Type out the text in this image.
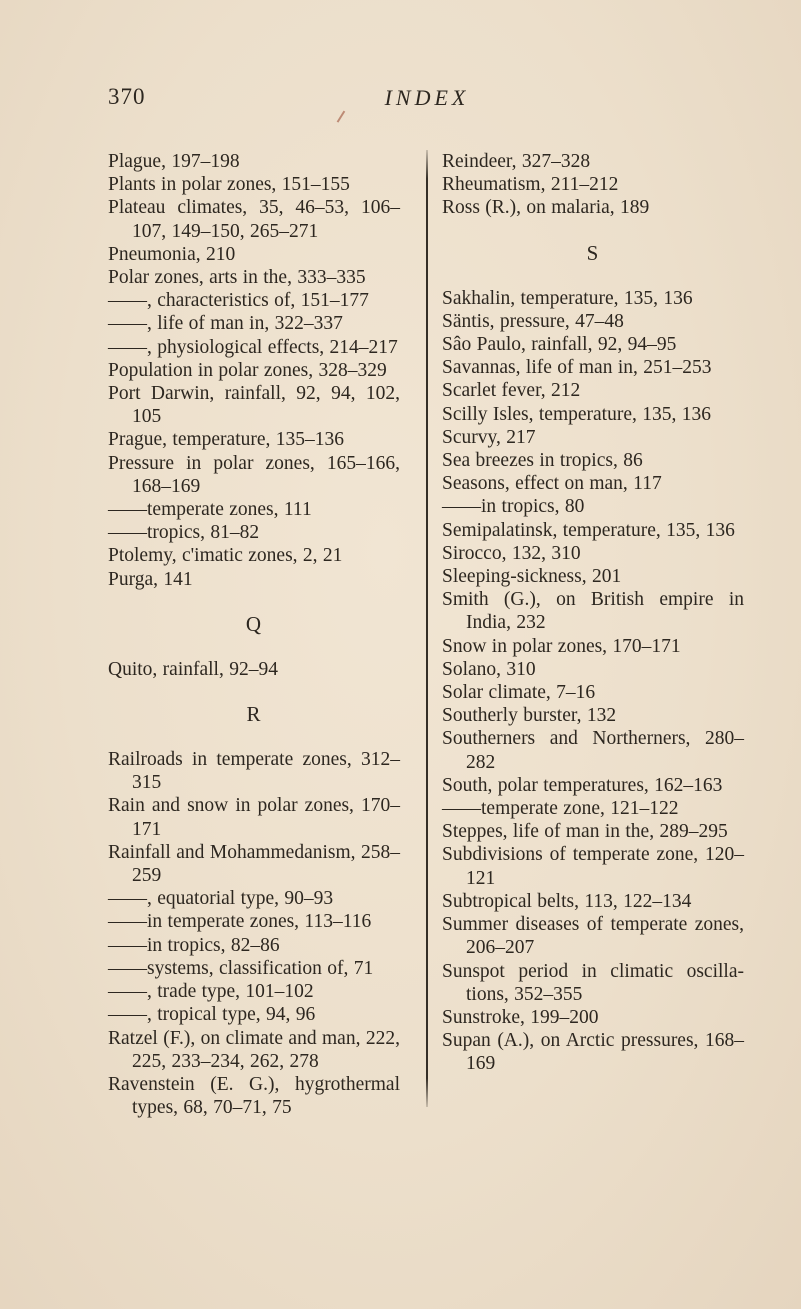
370	INDEX

Plague, 197–198

Plants in polar zones, 151–155

Plateau climates, 35, 46–53, 106–107, 149–150, 265–271

Pneumonia, 210

Polar zones, arts in the, 333–335

——, characteristics of, 151–177

——, life of man in, 322–337

——, physiological effects, 214–217

Population in polar zones, 328–329

Port Darwin, rainfall, 92, 94, 102, 105

Prague, temperature, 135–136

Pressure in polar zones, 165–166, 168–169

——temperate zones, 111

——tropics, 81–82

Ptolemy, c'imatic zones, 2, 21

Purga, 141

Q

Quito, rainfall, 92–94

R

Railroads in temperate zones, 312–315

Rain and snow in polar zones, 170–171

Rainfall and Mohammedanism, 258–259

——, equatorial type, 90–93

——in temperate zones, 113–116

——in tropics, 82–86

——systems, classification of, 71

——, trade type, 101–102

——, tropical type, 94, 96

Ratzel (F.), on climate and man, 222, 225, 233–234, 262, 278

Ravenstein (E. G.), hygrothermal types, 68, 70–71, 75

Reindeer, 327–328

Rheumatism, 211–212

Ross (R.), on malaria, 189

S

Sakhalin, temperature, 135, 136

Säntis, pressure, 47–48

Sâo Paulo, rainfall, 92, 94–95

Savannas, life of man in, 251–253

Scarlet fever, 212

Scilly Isles, temperature, 135, 136

Scurvy, 217

Sea breezes in tropics, 86

Seasons, effect on man, 117

——in tropics, 80

Semipalatinsk, temperature, 135, 136

Sirocco, 132, 310

Sleeping-sickness, 201

Smith (G.), on British empire in India, 232

Snow in polar zones, 170–171

Solano, 310

Solar climate, 7–16

Southerly burster, 132

Southerners and Northerners, 280–282

South, polar temperatures, 162–163

——temperate zone, 121–122

Steppes, life of man in the, 289–295

Subdivisions of temperate zone, 120–121

Subtropical belts, 113, 122–134

Summer diseases of temperate zones, 206–207

Sunspot period in climatic oscillations, 352–355

Sunstroke, 199–200

Supan (A.), on Arctic pressures, 168–169
